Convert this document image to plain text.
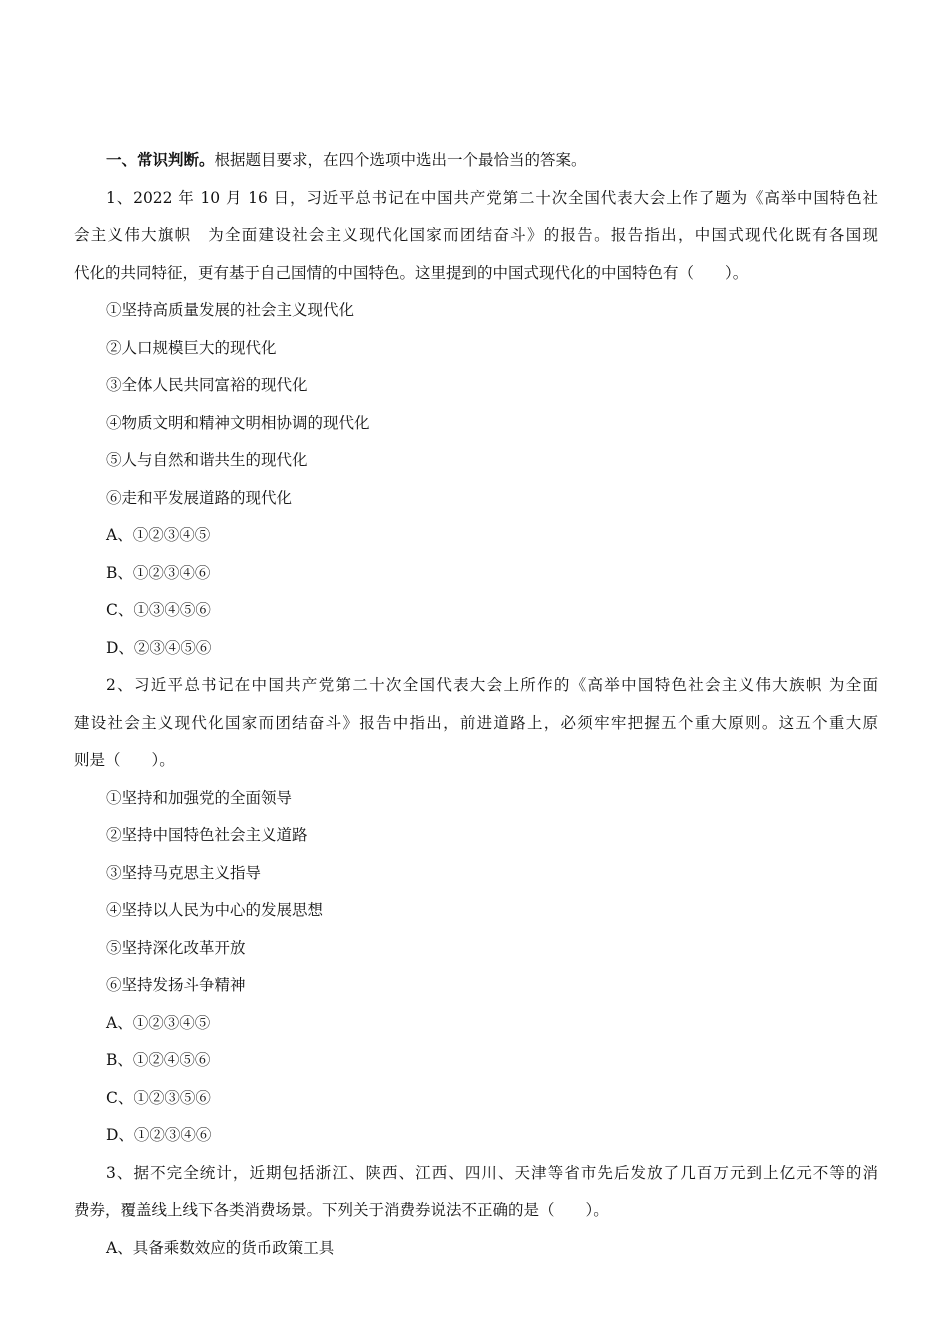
一、常识判断。根据题目要求，在四个选项中选出一个最恰当的答案。
1、2022 年 10 月 16 日，习近平总书记在中国共产党第二十次全国代表大会上作了题为《高举中国特色社
会主义伟大旗帜　为全面建设社会主义现代化国家而团结奋斗》的报告。报告指出，中国式现代化既有各国现
代化的共同特征，更有基于自己国情的中国特色。这里提到的中国式现代化的中国特色有（　　）。
①坚持高质量发展的社会主义现代化
②人口规模巨大的现代化
③全体人民共同富裕的现代化
④物质文明和精神文明相协调的现代化
⑤人与自然和谐共生的现代化
⑥走和平发展道路的现代化
A、①②③④⑤
B、①②③④⑥
C、①③④⑤⑥
D、②③④⑤⑥
2、习近平总书记在中国共产党第二十次全国代表大会上所作的《高举中国特色社会主义伟大族帜 为全面
建设社会主义现代化国家而团结奋斗》报告中指出，前进道路上，必须牢牢把握五个重大原则。这五个重大原
则是（　　）。
①坚持和加强党的全面领导
②坚持中国特色社会主义道路
③坚持马克思主义指导
④坚持以人民为中心的发展思想
⑤坚持深化改革开放
⑥坚持发扬斗争精神
A、①②③④⑤
B、①②④⑤⑥
C、①②③⑤⑥
D、①②③④⑥
3、据不完全统计，近期包括浙江、陕西、江西、四川、天津等省市先后发放了几百万元到上亿元不等的消
费券，覆盖线上线下各类消费场景。下列关于消费券说法不正确的是（　　）。
A、具备乘数效应的货币政策工具
